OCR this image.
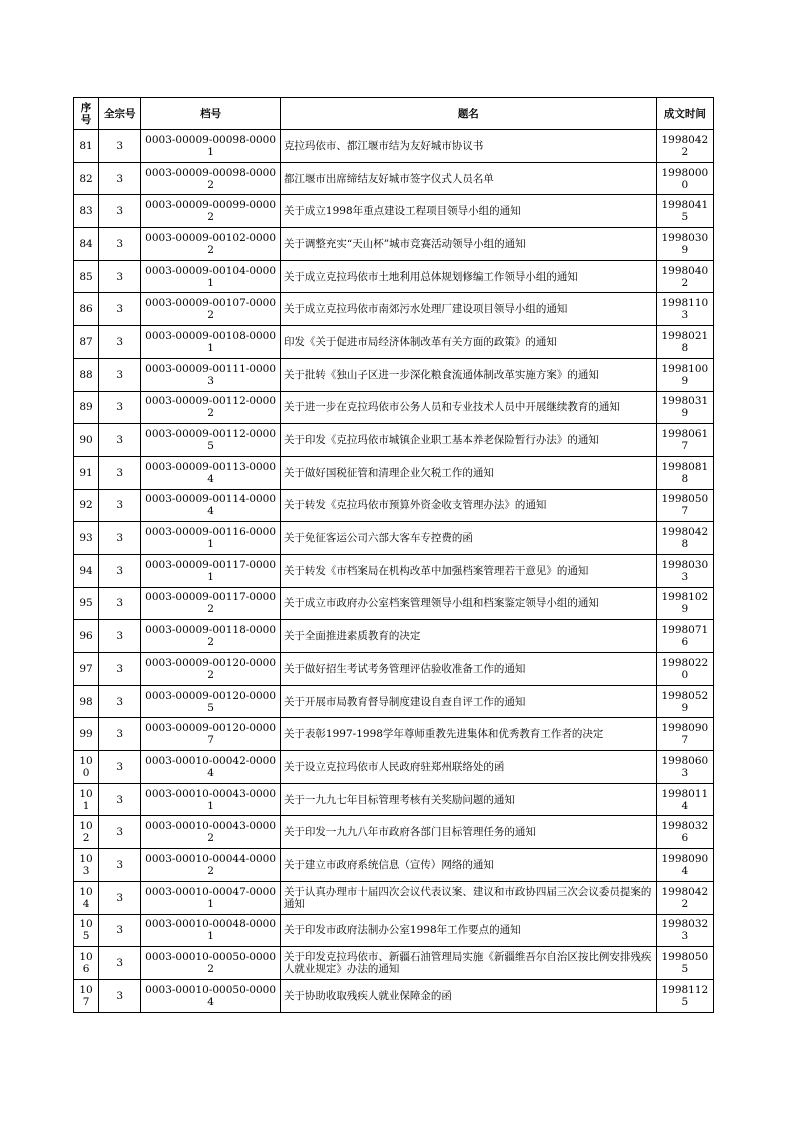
序号	全宗号	档号	题名	成文时间
81	3	0003-00009-00098-00001	克拉玛依市、都江堰市结为友好城市协议书	19980422
82	3	0003-00009-00098-00002	都江堰市出席缔结友好城市签字仪式人员名单	19980000
83	3	0003-00009-00099-00002	关于成立1998年重点建设工程项目领导小组的通知	19980415
84	3	0003-00009-00102-00002	关于调整充实“天山杯”城市竞赛活动领导小组的通知	19980309
85	3	0003-00009-00104-00001	关于成立克拉玛依市土地利用总体规划修编工作领导小组的通知	19980402
86	3	0003-00009-00107-00002	关于成立克拉玛依市南郊污水处理厂建设项目领导小组的通知	19981103
87	3	0003-00009-00108-00001	印发《关于促进市局经济体制改革有关方面的政策》的通知	19980218
88	3	0003-00009-00111-00003	关于批转《独山子区进一步深化粮食流通体制改革实施方案》的通知	19981009
89	3	0003-00009-00112-00002	关于进一步在克拉玛依市公务人员和专业技术人员中开展继续教育的通知	19980319
90	3	0003-00009-00112-00005	关于印发《克拉玛依市城镇企业职工基本养老保险暂行办法》的通知	19980617
91	3	0003-00009-00113-00004	关于做好国税征管和清理企业欠税工作的通知	19980818
92	3	0003-00009-00114-00004	关于转发《克拉玛依市预算外资金收支管理办法》的通知	19980507
93	3	0003-00009-00116-00001	关于免征客运公司六部大客车专控费的函	19980428
94	3	0003-00009-00117-00001	关于转发《市档案局在机构改革中加强档案管理若干意见》的通知	19980303
95	3	0003-00009-00117-00002	关于成立市政府办公室档案管理领导小组和档案鉴定领导小组的通知	19981029
96	3	0003-00009-00118-00002	关于全面推进素质教育的决定	19980716
97	3	0003-00009-00120-00002	关于做好招生考试考务管理评估验收准备工作的通知	19980220
98	3	0003-00009-00120-00005	关于开展市局教育督导制度建设自查自评工作的通知	19980529
99	3	0003-00009-00120-00007	关于表彰1997-1998学年尊师重教先进集体和优秀教育工作者的决定	19980907
100	3	0003-00010-00042-00004	关于设立克拉玛依市人民政府驻郑州联络处的函	19980603
101	3	0003-00010-00043-00001	关于一九九七年目标管理考核有关奖励问题的通知	19980114
102	3	0003-00010-00043-00002	关于印发一九九八年市政府各部门目标管理任务的通知	19980326
103	3	0003-00010-00044-00002	关于建立市政府系统信息（宣传）网络的通知	19980904
104	3	0003-00010-00047-00001	关于认真办理市十届四次会议代表议案、建议和市政协四届三次会议委员提案的通知	19980422
105	3	0003-00010-00048-00001	关于印发市政府法制办公室1998年工作要点的通知	19980323
106	3	0003-00010-00050-00002	关于印发克拉玛依市、新疆石油管理局实施《新疆维吾尔自治区按比例安排残疾人就业规定》办法的通知	19980505
107	3	0003-00010-00050-00004	关于协助收取残疾人就业保障金的函	19981125
